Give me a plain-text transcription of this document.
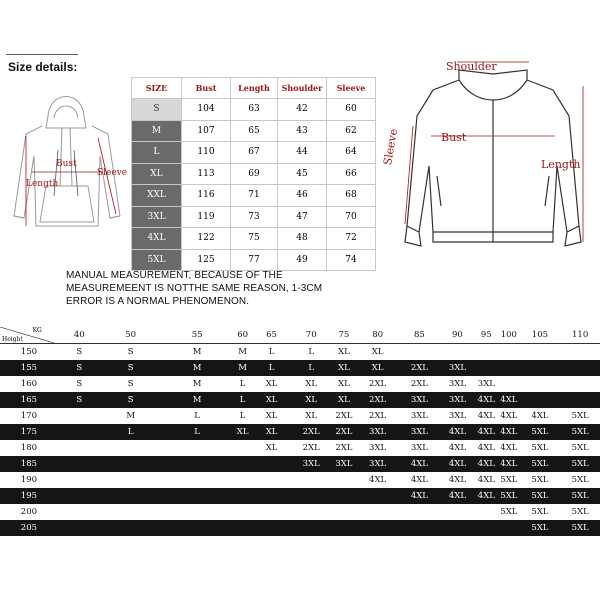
Size details:
Bust
Length
Sleeve
SIZE	Bust	Length	Shoulder	Sleeve
S	104	63	42	60
M	107	65	43	62
L	110	67	44	64
XL	113	69	45	66
XXL	116	71	46	68
3XL	119	73	47	70
4XL	122	75	48	72
5XL	125	77	49	74
MANUAL MEASUREMENT, BECAUSE OF THE MEASUREMEENT IS NOTTHE SAME REASON, 1-3CM ERROR IS A NORMAL PHENOMENON.
Shoulder
Bust
Sleeve	Length
KG
Height	40	50	55	60	65	70	75	80	85	90	95	100	105	110
150	S	S	M	M	L	L	XL	XL						
155	S	S	M	M	L	L	XL	XL	2XL	3XL				
160	S	S	M	L	XL	XL	XL	2XL	2XL	3XL	3XL			
165	S	S	M	L	XL	XL	XL	2XL	3XL	3XL	4XL	4XL		
170		M	L	L	XL	XL	2XL	2XL	3XL	3XL	4XL	4XL	4XL	5XL
175		L	L	XL	XL	2XL	2XL	3XL	3XL	4XL	4XL	4XL	5XL	5XL
180					XL	2XL	2XL	3XL	3XL	4XL	4XL	4XL	5XL	5XL
185						3XL	3XL	3XL	4XL	4XL	4XL	4XL	5XL	5XL
190								4XL	4XL	4XL	4XL	5XL	5XL	5XL
195									4XL	4XL	4XL	5XL	5XL	5XL
200												5XL	5XL	5XL
205													5XL	5XL
